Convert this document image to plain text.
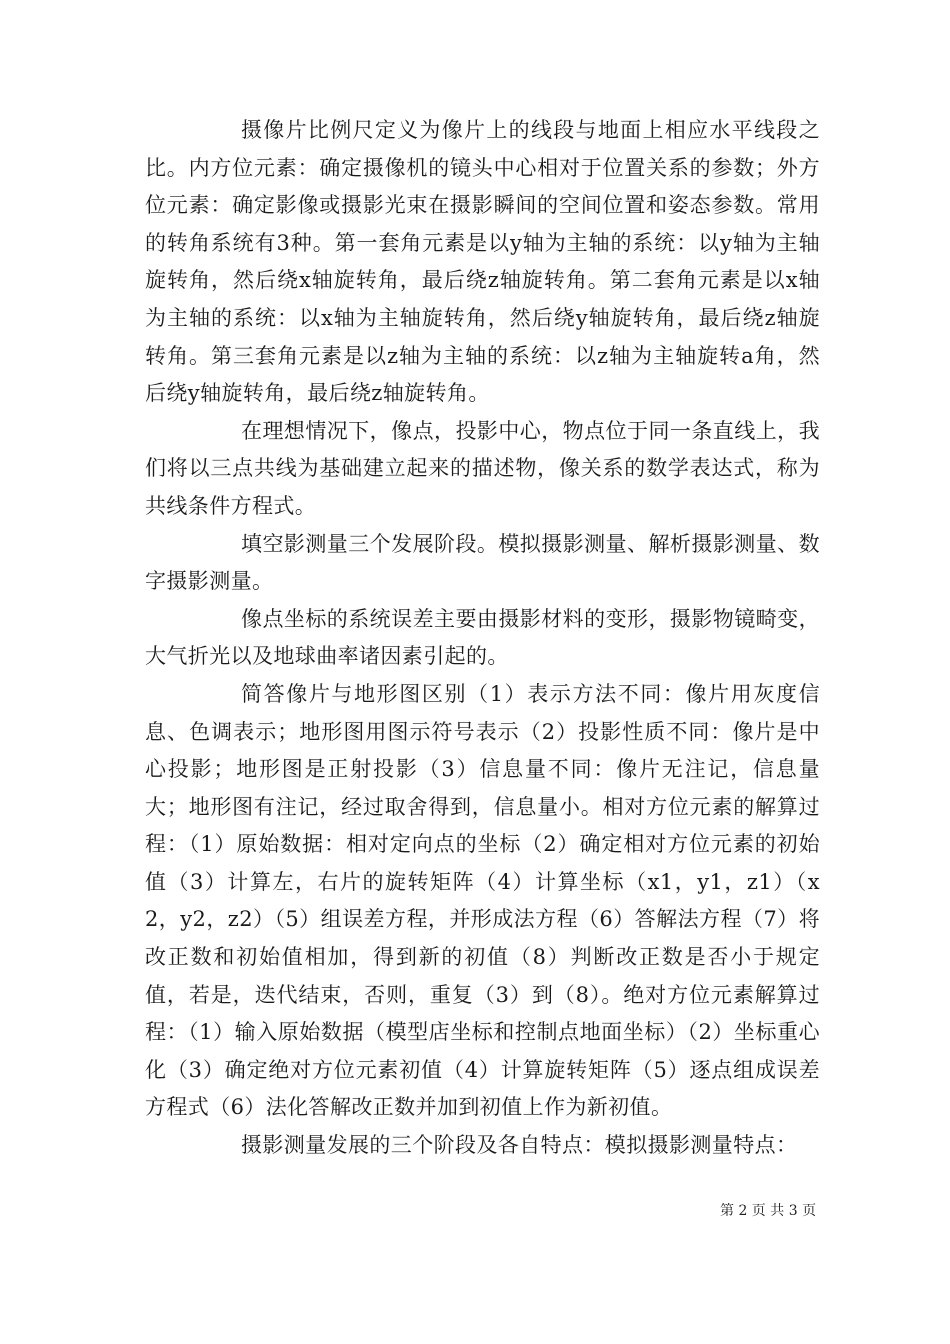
摄像片比例尺定义为像片上的线段与地面上相应水平线段之比。内方位元素：确定摄像机的镜头中心相对于位置关系的参数；外方位元素：确定影像或摄影光束在摄影瞬间的空间位置和姿态参数。常用的转角系统有3种。第一套角元素是以y轴为主轴的系统：以y轴为主轴旋转角，然后绕x轴旋转角，最后绕z轴旋转角。第二套角元素是以x轴为主轴的系统：以x轴为主轴旋转角，然后绕y轴旋转角，最后绕z轴旋转角。第三套角元素是以z轴为主轴的系统：以z轴为主轴旋转a角，然后绕y轴旋转角，最后绕z轴旋转角。

在理想情况下，像点，投影中心，物点位于同一条直线上，我们将以三点共线为基础建立起来的描述物，像关系的数学表达式，称为共线条件方程式。

填空影测量三个发展阶段。模拟摄影测量、解析摄影测量、数字摄影测量。

像点坐标的系统误差主要由摄影材料的变形，摄影物镜畸变，大气折光以及地球曲率诸因素引起的。

简答像片与地形图区别（1）表示方法不同：像片用灰度信息、色调表示；地形图用图示符号表示（2）投影性质不同：像片是中心投影；地形图是正射投影（3）信息量不同：像片无注记，信息量大；地形图有注记，经过取舍得到，信息量小。相对方位元素的解算过程：（1）原始数据：相对定向点的坐标（2）确定相对方位元素的初始值（3）计算左，右片的旋转矩阵（4）计算坐标（x1，y1，z1）（x2，y2，z2）（5）组误差方程，并形成法方程（6）答解法方程（7）将改正数和初始值相加，得到新的初值（8）判断改正数是否小于规定值，若是，迭代结束，否则，重复（3）到（8）。绝对方位元素解算过程：（1）输入原始数据（模型店坐标和控制点地面坐标）（2）坐标重心化（3）确定绝对方位元素初值（4）计算旋转矩阵（5）逐点组成误差方程式（6）法化答解改正数并加到初值上作为新初值。

摄影测量发展的三个阶段及各自特点：模拟摄影测量特点：

第 2 页 共 3 页
